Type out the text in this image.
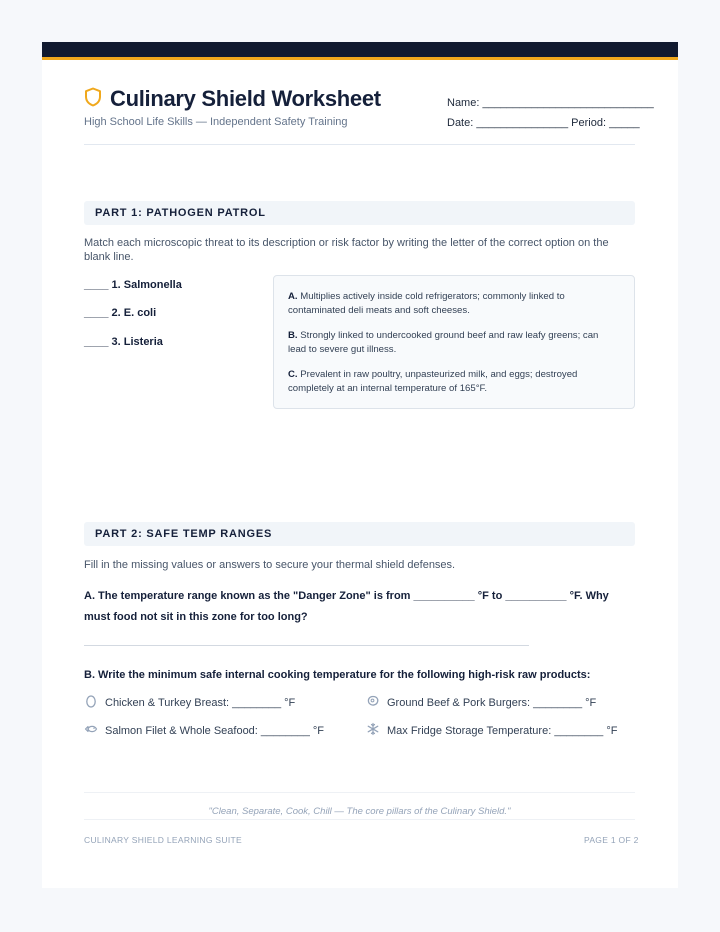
Culinary Shield Worksheet
High School Life Skills — Independent Safety Training
Name: ____________________________
Date: _______________ Period: _____
PART 1: PATHOGEN PATROL
Match each microscopic threat to its description or risk factor by writing the letter of the correct option on the blank line.
____ 1. Salmonella
____ 2. E. coli
____ 3. Listeria
A. Multiplies actively inside cold refrigerators; commonly linked to contaminated deli meats and soft cheeses.
B. Strongly linked to undercooked ground beef and raw leafy greens; can lead to severe gut illness.
C. Prevalent in raw poultry, unpasteurized milk, and eggs; destroyed completely at an internal temperature of 165°F.
PART 2: SAFE TEMP RANGES
Fill in the missing values or answers to secure your thermal shield defenses.
A. The temperature range known as the "Danger Zone" is from __________ °F to __________ °F. Why must food not sit in this zone for too long?
B. Write the minimum safe internal cooking temperature for the following high-risk raw products:
Chicken & Turkey Breast: ________ °F	Ground Beef & Pork Burgers: ________ °F
Salmon Filet & Whole Seafood: ________ °F	Max Fridge Storage Temperature: ________ °F
"Clean, Separate, Cook, Chill — The core pillars of the Culinary Shield."
CULINARY SHIELD LEARNING SUITE	PAGE 1 OF 2
